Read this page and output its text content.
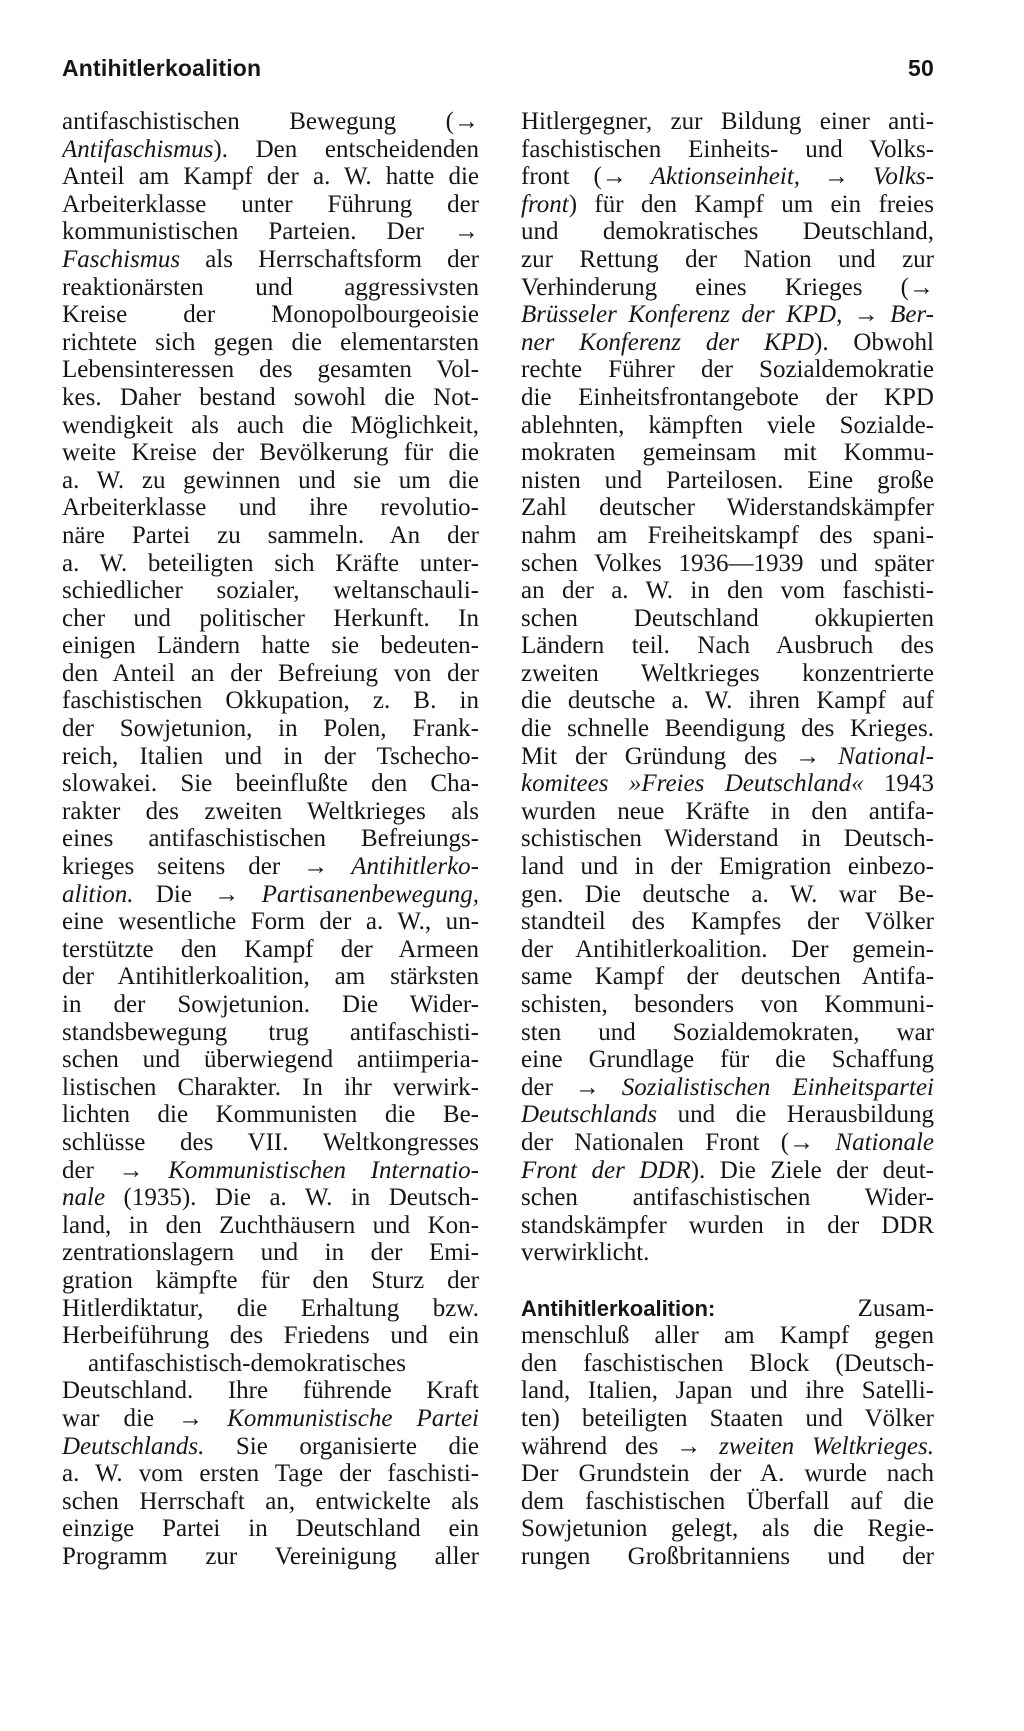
Antihitlerkoalition	50
antifaschistischen Bewegung (→
Antifaschismus). Den entscheidenden
Anteil am Kampf der a. W. hatte die
Arbeiterklasse unter Führung der
kommunistischen Parteien. Der →
Faschismus als Herrschaftsform der
reaktionärsten und aggressivsten
Kreise der Monopolbourgeoisie
richtete sich gegen die elementarsten
Lebensinteressen des gesamten Vol-
kes. Daher bestand sowohl die Not-
wendigkeit als auch die Möglichkeit,
weite Kreise der Bevölkerung für die
a. W. zu gewinnen und sie um die
Arbeiterklasse und ihre revolutio-
näre Partei zu sammeln. An der
a. W. beteiligten sich Kräfte unter-
schiedlicher sozialer, weltanschauli-
cher und politischer Herkunft. In
einigen Ländern hatte sie bedeuten-
den Anteil an der Befreiung von der
faschistischen Okkupation, z. B. in
der Sowjetunion, in Polen, Frank-
reich, Italien und in der Tschecho-
slowakei. Sie beeinflußte den Cha-
rakter des zweiten Weltkrieges als
eines antifaschistischen Befreiungs-
krieges seitens der → Antihitlerko-
alition. Die → Partisanenbewegung,
eine wesentliche Form der a. W., un-
terstützte den Kampf der Armeen
der Antihitlerkoalition, am stärksten
in der Sowjetunion. Die Wider-
standsbewegung trug antifaschisti-
schen und überwiegend antiimperia-
listischen Charakter. In ihr verwirk-
lichten die Kommunisten die Be-
schlüsse des VII. Weltkongresses
der → Kommunistischen Internatio-
nale (1935). Die a. W. in Deutsch-
land, in den Zuchthäusern und Kon-
zentrationslagern und in der Emi-
gration kämpfte für den Sturz der
Hitlerdiktatur, die Erhaltung bzw.
Herbeiführung des Friedens und ein
antifaschistisch-demokratisches
Deutschland. Ihre führende Kraft
war die → Kommunistische Partei
Deutschlands. Sie organisierte die
a. W. vom ersten Tage der faschisti-
schen Herrschaft an, entwickelte als
einzige Partei in Deutschland ein
Programm zur Vereinigung aller
Hitlergegner, zur Bildung einer anti-
faschistischen Einheits- und Volks-
front (→ Aktionseinheit, → Volks-
front) für den Kampf um ein freies
und demokratisches Deutschland,
zur Rettung der Nation und zur
Verhinderung eines Krieges (→
Brüsseler Konferenz der KPD, → Ber-
ner Konferenz der KPD). Obwohl
rechte Führer der Sozialdemokratie
die Einheitsfrontangebote der KPD
ablehnten, kämpften viele Sozialde-
mokraten gemeinsam mit Kommu-
nisten und Parteilosen. Eine große
Zahl deutscher Widerstandskämpfer
nahm am Freiheitskampf des spani-
schen Volkes 1936—1939 und später
an der a. W. in den vom faschisti-
schen Deutschland okkupierten
Ländern teil. Nach Ausbruch des
zweiten Weltkrieges konzentrierte
die deutsche a. W. ihren Kampf auf
die schnelle Beendigung des Krieges.
Mit der Gründung des → National-
komitees »Freies Deutschland« 1943
wurden neue Kräfte in den antifa-
schistischen Widerstand in Deutsch-
land und in der Emigration einbezo-
gen. Die deutsche a. W. war Be-
standteil des Kampfes der Völker
der Antihitlerkoalition. Der gemein-
same Kampf der deutschen Antifa-
schisten, besonders von Kommuni-
sten und Sozialdemokraten, war
eine Grundlage für die Schaffung
der → Sozialistischen Einheitspartei
Deutschlands und die Herausbildung
der Nationalen Front (→ Nationale
Front der DDR). Die Ziele der deut-
schen antifaschistischen Wider-
standskämpfer wurden in der DDR
verwirklicht.
Antihitlerkoalition: Zusam-
menschluß aller am Kampf gegen
den faschistischen Block (Deutsch-
land, Italien, Japan und ihre Satelli-
ten) beteiligten Staaten und Völker
während des → zweiten Weltkrieges.
Der Grundstein der A. wurde nach
dem faschistischen Überfall auf die
Sowjetunion gelegt, als die Regie-
rungen Großbritanniens und der
